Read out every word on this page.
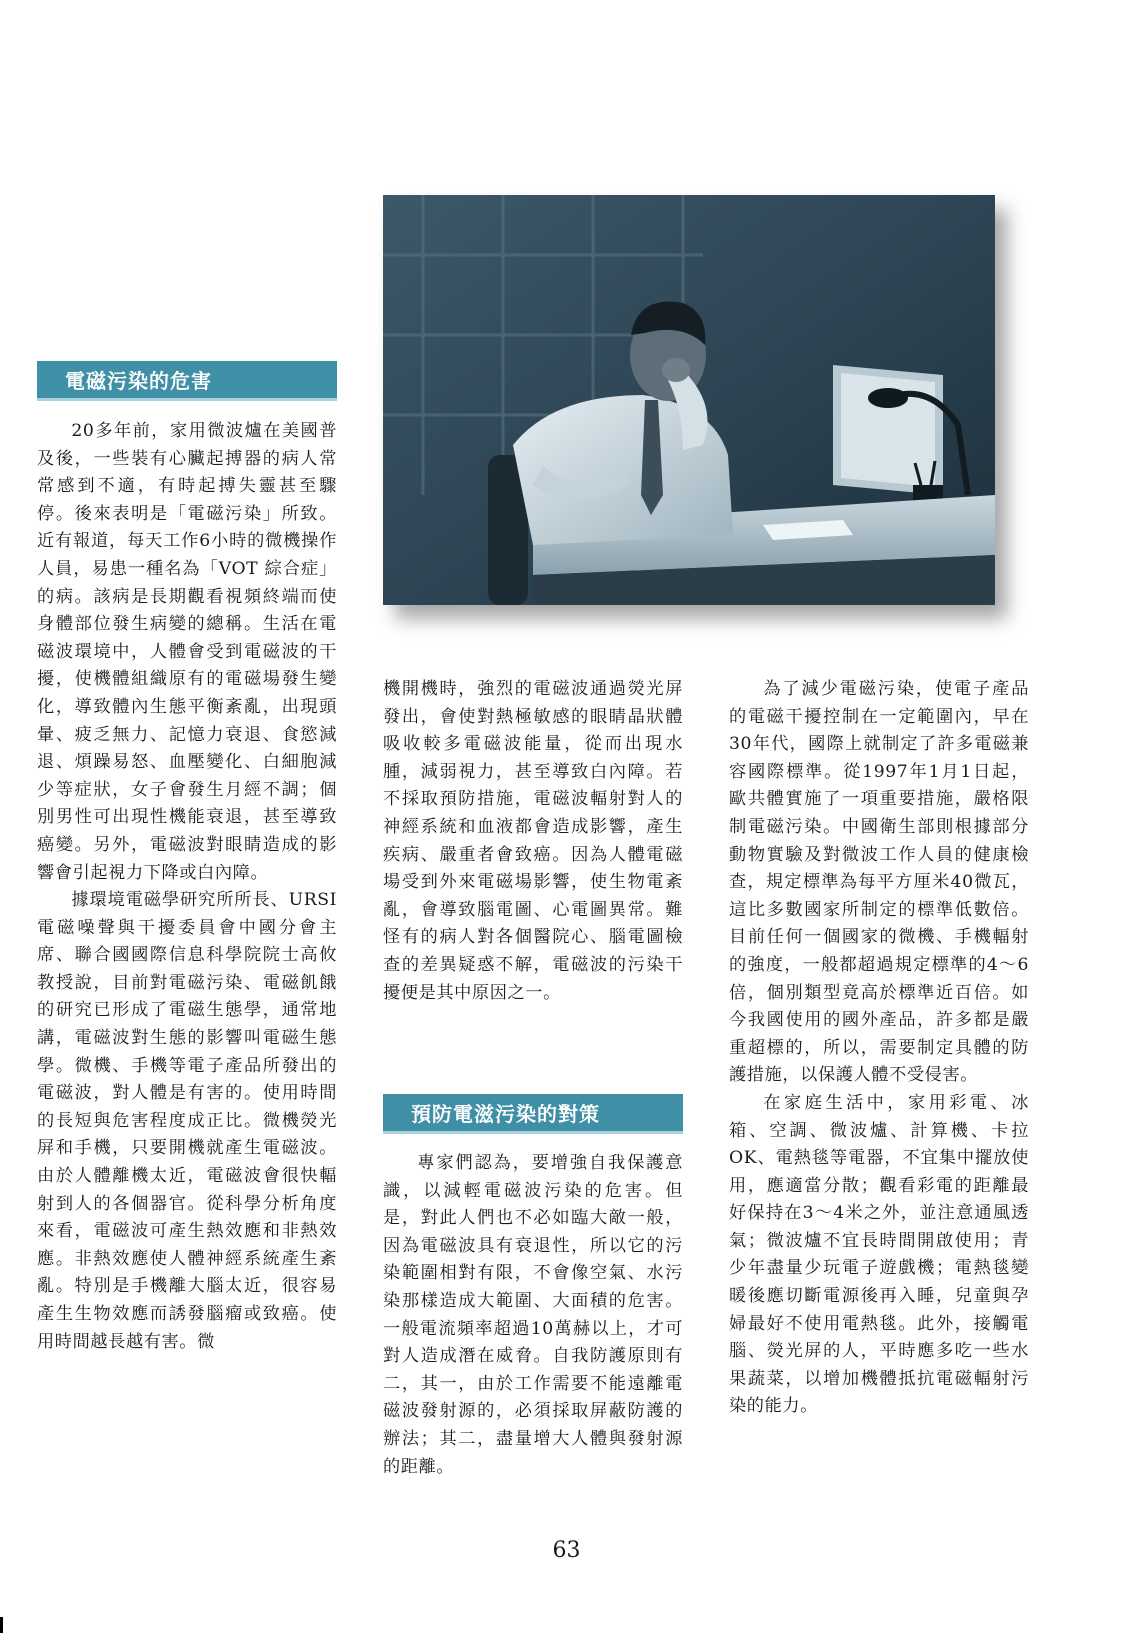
電磁污染的危害

20多年前，家用微波爐在美國普及後，一些裝有心臟起搏器的病人常常感到不適，有時起搏失靈甚至驟停。後來表明是「電磁污染」所致。近有報道，每天工作6小時的微機操作人員，易患一種名為「VOT 綜合症」的病。該病是長期觀看視頻終端而使身體部位發生病變的總稱。生活在電磁波環境中，人體會受到電磁波的干擾，使機體組織原有的電磁場發生變化，導致體內生態平衡紊亂，出現頭暈、疲乏無力、記憶力衰退、食慾減退、煩躁易怒、血壓變化、白細胞減少等症狀，女子會發生月經不調；個別男性可出現性機能衰退，甚至導致癌變。另外，電磁波對眼睛造成的影響會引起視力下降或白內障。

據環境電磁學研究所所長、URSI 電磁噪聲與干擾委員會中國分會主席、聯合國國際信息科學院院士高攸教授說，目前對電磁污染、電磁飢餓的研究已形成了電磁生態學，通常地講，電磁波對生態的影響叫電磁生態學。微機、手機等電子產品所發出的電磁波，對人體是有害的。使用時間的長短與危害程度成正比。微機熒光屏和手機，只要開機就產生電磁波。由於人體離機太近，電磁波會很快輻射到人的各個器官。從科學分析角度來看，電磁波可產生熱效應和非熱效應。非熱效應使人體神經系統產生紊亂。特別是手機離大腦太近，很容易產生生物效應而誘發腦瘤或致癌。使用時間越長越有害。微

機開機時，強烈的電磁波通過熒光屏發出，會使對熱極敏感的眼睛晶狀體吸收較多電磁波能量，從而出現水腫，減弱視力，甚至導致白內障。若不採取預防措施，電磁波輻射對人的神經系統和血液都會造成影響，產生疾病、嚴重者會致癌。因為人體電磁場受到外來電磁場影響，使生物電紊亂，會導致腦電圖、心電圖異常。難怪有的病人對各個醫院心、腦電圖檢查的差異疑惑不解，電磁波的污染干擾便是其中原因之一。

預防電滋污染的對策

專家們認為，要增強自我保護意識，以減輕電磁波污染的危害。但是，對此人們也不必如臨大敵一般，因為電磁波具有衰退性，所以它的污染範圍相對有限，不會像空氣、水污染那樣造成大範圍、大面積的危害。一般電流頻率超過10萬赫以上，才可對人造成潛在威脅。自我防護原則有二，其一，由於工作需要不能遠離電磁波發射源的，必須採取屏蔽防護的辦法；其二，盡量增大人體與發射源的距離。

為了減少電磁污染，使電子產品的電磁干擾控制在一定範圍內，早在30年代，國際上就制定了許多電磁兼容國際標準。從1997年1月1日起，歐共體實施了一項重要措施，嚴格限制電磁污染。中國衛生部則根據部分動物實驗及對微波工作人員的健康檢查，規定標準為每平方厘米40微瓦，這比多數國家所制定的標準低數倍。目前任何一個國家的微機、手機輻射的強度，一般都超過規定標準的4～6倍，個別類型竟高於標準近百倍。如今我國使用的國外產品，許多都是嚴重超標的，所以，需要制定具體的防護措施，以保護人體不受侵害。

在家庭生活中，家用彩電、冰箱、空調、微波爐、計算機、卡拉OK、電熱毯等電器，不宜集中擺放使用，應適當分散；觀看彩電的距離最好保持在3～4米之外，並注意通風透氣；微波爐不宜長時間開啟使用；青少年盡量少玩電子遊戲機；電熱毯變暖後應切斷電源後再入睡，兒童與孕婦最好不使用電熱毯。此外，接觸電腦、熒光屏的人，平時應多吃一些水果蔬菜，以增加機體抵抗電磁輻射污染的能力。

63
